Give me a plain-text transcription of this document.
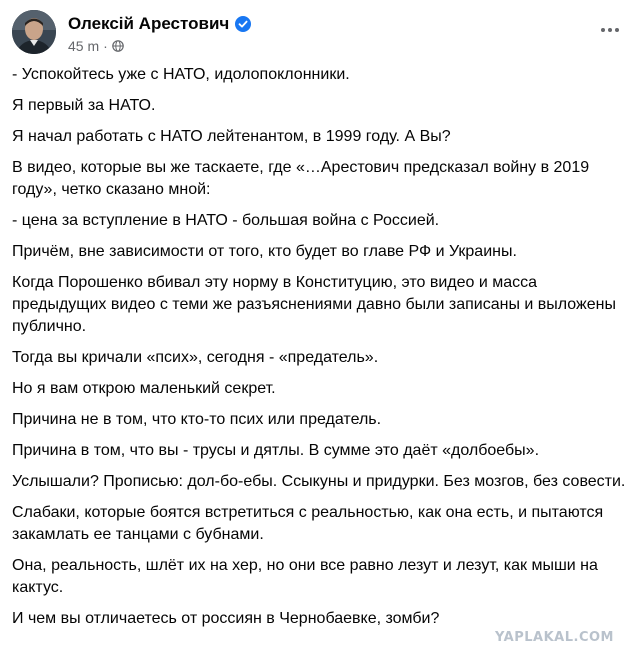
Олексій Арестович
45 m ·

- Успокойтесь уже с НАТО, идолопоклонники.

Я первый за НАТО.

Я начал работать с НАТО лейтенантом, в 1999 году. А Вы?

В видео, которые вы же таскаете, где «…Арестович предсказал войну в 2019 году», четко сказано мной:

- цена за вступление в НАТО - большая война с Россией.

Причём, вне зависимости от того, кто будет во главе РФ и Украины.

Когда Порошенко вбивал эту норму в Конституцию, это видео и масса предыдущих видео с теми же разъяснениями давно были записаны и выложены публично.

Тогда вы кричали «псих», сегодня - «предатель».

Но я вам открою маленький секрет.

Причина не в том, что кто-то псих или предатель.

Причина в том, что вы - трусы и дятлы. В сумме это даёт «долбоебы».

Услышали? Прописью: дол-бо-ебы. Ссыкуны и придурки. Без мозгов, без совести.

Слабаки, которые боятся встретиться с реальностью, как она есть, и пытаются закамлать ее танцами с бубнами.

Она, реальность, шлёт их на хер, но они все равно лезут и лезут, как мыши на кактус.

И чем вы отличаетесь от россиян в Чернобаевке, зомби?

YAPLAKAL.COM
